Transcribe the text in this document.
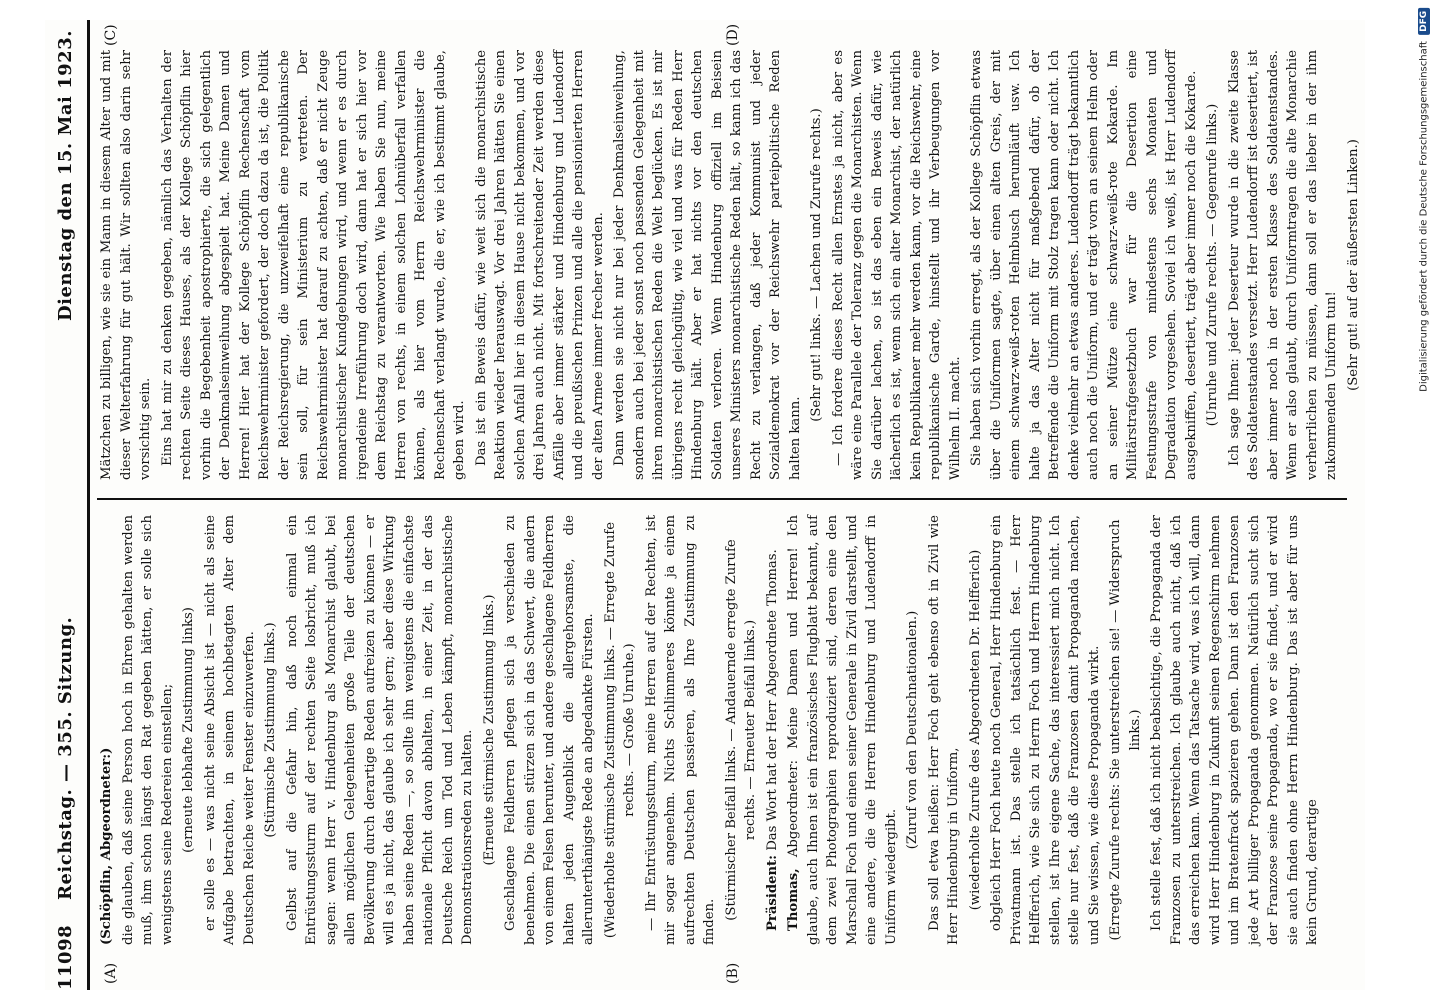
11098
Reichstag. — 355. Sitzung.
Dienstag den 15. Mai 1923.
(A)	(B)
(C)	(D)

(Schöpflin, Abgeordneter:) die glauben, daß seine Person hoch in Ehren gehalten werden muß, ihm schon längst den Rat gegeben hätten, er solle sich wenigstens seine Redereien einstellen; (erneute lebhafte Zustimmung links) er solle es — was nicht seine Absicht ist — nicht als seine Aufgabe betrachten, in seinem hochbetagten Alter dem Deutschen Reiche weiter Fenster einzuwerfen. (Stürmische Zustimmung links.) Gelbst auf die Gefahr hin, daß noch einmal ein Entrüstungssturm auf der rechten Seite losbricht, muß ich sagen: wenn Herr v. Hindenburg als Monarchist glaubt, bei allen möglichen Gelegenheiten große Teile der deutschen Bevölkerung durch derartige Reden aufreizen zu können — er will es ja nicht, das glaube ich sehr gern; aber diese Wirkung haben seine Reden —, so sollte ihn wenigstens die einfachste nationale Pflicht davon abhalten, in einer Zeit, in der das Deutsche Reich um Tod und Leben kämpft, monarchistische Demonstrationsreden zu halten. (Erneute stürmische Zustimmung links.) Geschlagene Feldherren pflegen sich ja verschieden zu benehmen. Die einen stürzen sich in das Schwert, die andern von einem Felsen herunter, und andere geschlagene Feldherren halten jeden Augenblick die allergehorsamste, die allerunterthänigste Rede an abgedankte Fürsten. (Wiederholte stürmische Zustimmung links. — Erregte Zurufe rechts. — Große Unruhe.) — Ihr Entrüstungssturm, meine Herren auf der Rechten, ist mir sogar angenehm. Nichts Schlimmeres könnte ja einem aufrechten Deutschen passieren, als Ihre Zustimmung zu finden.

(Stürmischer Beifall links. — Andauernde erregte Zurufe rechts. — Erneuter Beifall links.)

Präsident: Das Wort hat der Herr Abgeordnete Thomas.

Thomas, Abgeordneter: Meine Damen und Herren! Ich glaube, auch Ihnen ist ein französisches Flugblatt bekannt, auf dem zwei Photographien reproduziert sind, deren eine den Marschall Foch und einen seiner Generale in Zivil darstellt, und eine andere, die die Herren Hindenburg und Ludendorff in Uniform wiedergibt.

(Zuruf von den Deutschnationalen.) Das soll etwa heißen: Herr Foch geht ebenso oft in Zivil wie Herr Hindenburg in Uniform, (wiederholte Zurufe des Abgeordneten Dr. Helfferich) obgleich Herr Foch heute noch General, Herr Hindenburg ein Privatmann ist. Das stelle ich tatsächlich fest. — Herr Helfferich, wie Sie sich zu Herrn Foch und Herrn Hindenburg stellen, ist Ihre eigene Sache, das interessiert mich nicht. Ich stelle nur fest, daß die Franzosen damit Propaganda machen, und Sie wissen, wie diese Propaganda wirkt. (Erregte Zurufe rechts: Sie unterstreichen sie! — Widerspruch links.) Ich stelle fest, daß ich nicht beabsichtige, die Propaganda der Franzosen zu unterstreichen. Ich glaube auch nicht, daß ich das erreichen kann. Wenn das Tatsache wird, was ich will, dann wird Herr Hindenburg in Zukunft seinen Regenschirm nehmen und im Bratenfrack spazieren gehen. Dann ist den Franzosen jede Art billiger Propaganda genommen. Natürlich sucht sich der Franzose seine Propaganda, wo er sie findet, und er wird sie auch finden ohne Herrn Hindenburg. Das ist aber für uns kein Grund, derartige

Mätzchen zu billigen, wie sie ein Mann in diesem Alter und mit dieser Welterfahrung für gut hält. Wir sollten also darin sehr vorsichtig sein. Eins hat mir zu denken gegeben, nämlich das Verhalten der rechten Seite dieses Hauses, als der Kollege Schöpflin hier vorhin die Begebenheit apostrophierte, die sich gelegentlich der Denkmalseinweihung abgespielt hat. Meine Damen und Herren! Hier hat der Kollege Schöpflin Rechenschaft vom Reichswehrminister gefordert, der doch dazu da ist, die Politik der Reichsregierung, die unzweifelhaft eine republikanische sein soll, für sein Ministerium zu vertreten. Der Reichswehrminister hat darauf zu achten, daß er nicht Zeuge monarchistischer Kundgebungen wird, und wenn er es durch irgendeine Irreführung doch wird, dann hat er sich hier vor dem Reichstag zu verantworten. Wie haben Sie nun, meine Herren von rechts, in einem solchen Lohnüberfall verfallen können, als hier vom Herrn Reichswehrminister die Rechenschaft verlangt wurde, die er, wie ich bestimmt glaube, geben wird. Das ist ein Beweis dafür, wie weit sich die monarchistische Reaktion wieder herauswagt. Vor drei Jahren hätten Sie einen solchen Anfall hier in diesem Hause nicht bekommen, und vor drei Jahren auch nicht. Mit fortschreitender Zeit werden diese Anfälle aber immer stärker und Hindenburg und Ludendorff und die preußischen Prinzen und alle die pensionierten Herren der alten Armee immer frecher werden. Dann werden sie nicht nur bei jeder Denkmalseinweihung, sondern auch bei jeder sonst noch passenden Gelegenheit mit ihren monarchistischen Reden die Welt beglücken. Es ist mir übrigens recht gleichgültig, wie viel und was für Reden Herr Hindenburg hält. Aber er hat nichts vor den deutschen Soldaten verloren. Wenn Hindenburg offiziell im Beisein unseres Ministers monarchistische Reden hält, so kann ich das Recht zu verlangen, daß jeder Kommunist und jeder Sozialdemokrat vor der Reichswehr parteipolitische Reden halten kann.

(Sehr gut! links. — Lachen und Zurufe rechts.) — Ich fordere dieses Recht allen Ernstes ja nicht, aber es wäre eine Parallele der Toleranz gegen die Monarchisten. Wenn Sie darüber lachen, so ist das eben ein Beweis dafür, wie lächerlich es ist, wenn sich ein alter Monarchist, der natürlich kein Republikaner mehr werden kann, vor die Reichswehr, eine republikanische Garde, hinstellt und ihr Verbeugungen vor Wilhelm II. macht. Sie haben sich vorhin erregt, als der Kollege Schöpflin etwas über die Uniformen sagte, über einen alten Greis, der mit einem schwarz-weiß-roten Helmbusch herumläuft usw. Ich halte ja das Alter nicht für maßgebend dafür, ob der Betreffende die Uniform mit Stolz tragen kann oder nicht. Ich denke vielmehr an etwas anderes. Ludendorff trägt bekanntlich auch noch die Uniform, und er trägt vorn an seinem Helm oder an seiner Mütze eine schwarz-weiß-rote Kokarde. Im Militärstrafgesetzbuch war für die Desertion eine Festungsstrafe von mindestens sechs Monaten und Degradation vorgesehen. Soviel ich weiß, ist Herr Ludendorff ausgekniffen, desertiert, trägt aber immer noch die Kokarde. (Unruhe und Zurufe rechts. — Gegenrufe links.) Ich sage Ihnen: jeder Deserteur wurde in die zweite Klasse des Soldatenstandes versetzt. Herr Ludendorff ist desertiert, ist aber immer noch in der ersten Klasse des Soldatenstandes. Wenn er also glaubt, durch Uniformtragen die alte Monarchie verherrlichen zu müssen, dann soll er das lieber in der ihm zukommenden Uniform tun! (Sehr gut! auf der äußersten Linken.)	Digitalisierung gefördert durch die Deutsche Forschungsgemeinschaft
DFG
